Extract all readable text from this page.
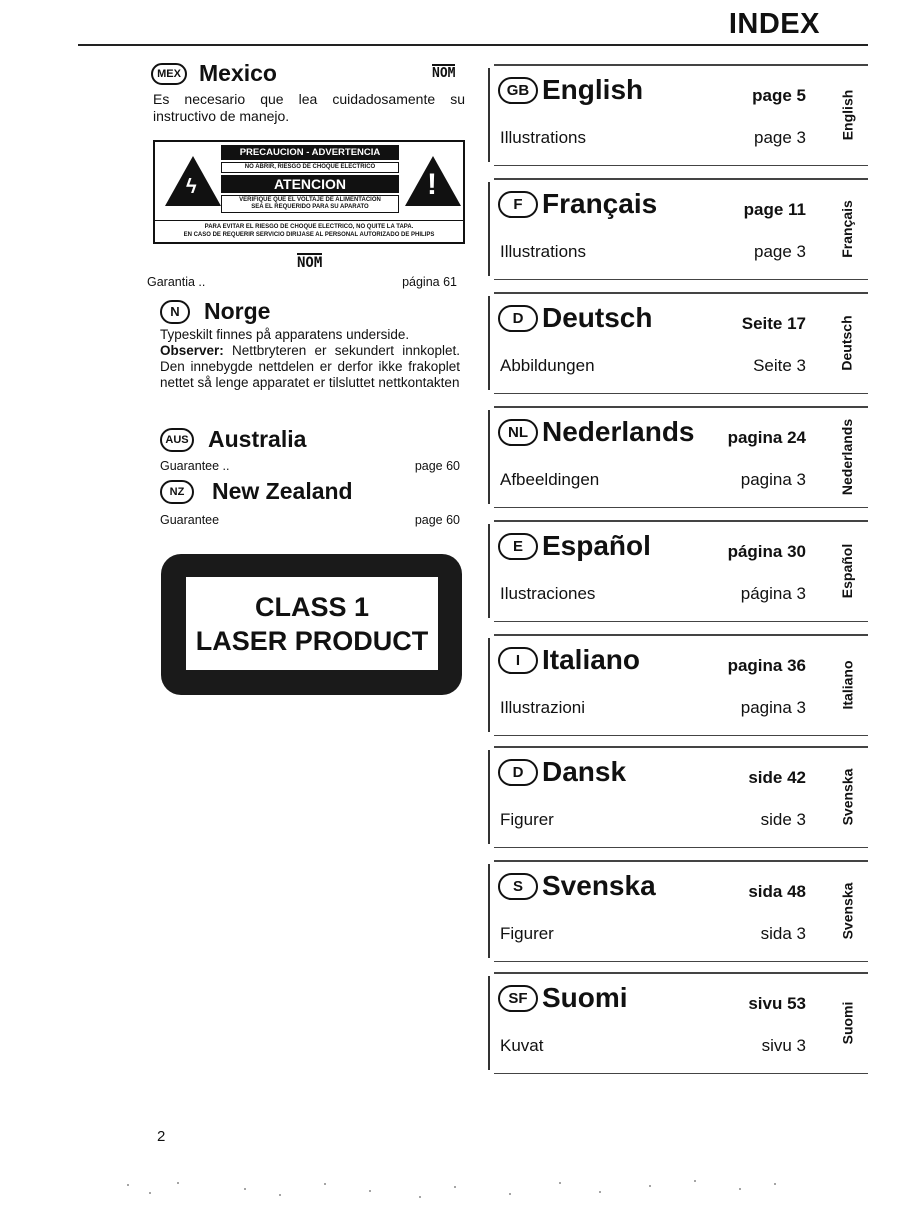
INDEX
MEX Mexico	NOM
Es necesario que lea cuidadosamente su instructivo de manejo.
ϟ
PRECAUCION - ADVERTENCIA
NO ABRIR, RIESGO DE CHOQUE ELECTRICO
ATENCION
VERIFIQUE QUE EL VOLTAJE DE ALIMENTACION
SEA EL REQUERIDO PARA SU APARATO
!
PARA EVITAR EL RIESGO DE CHOQUE ELECTRICO, NO QUITE LA TAPA.
EN CASO DE REQUERIR SERVICIO DIRIJASE AL PERSONAL AUTORIZADO DE PHILIPS
NOM
Garantia ..	página 61
N	Norge
Typeskilt finnes på apparatens underside.
Observer: Nettbryteren er sekundert innkoplet. Den innebygde nettdelen er derfor ikke frakoplet nettet så lenge apparatet er tilsluttet nettkontakten
AUS Australia
Guarantee ..	page 60
NZ	New Zealand
Guarantee	page 60
CLASS 1
LASER PRODUCT
GB English	page 5
Illustrations	page 3 English
F Français	page 11
Illustrations	page 3 Français
D Deutsch	Seite 17
Abbildungen	Seite 3 Deutsch
NL Nederlands pagina 24
Afbeeldingen	pagina 3 Nederlands
E Español	página 30
Ilustraciones	página 3 Español
I Italiano	pagina 36
Illustrazioni	pagina 3 Italiano
D Dansk	side 42
Figurer	side 3 Svenska
S Svenska	sida 48
Figurer	sida 3 Svenska
SF Suomi	sivu 53
Kuvat	sivu 3
Suomi
2
